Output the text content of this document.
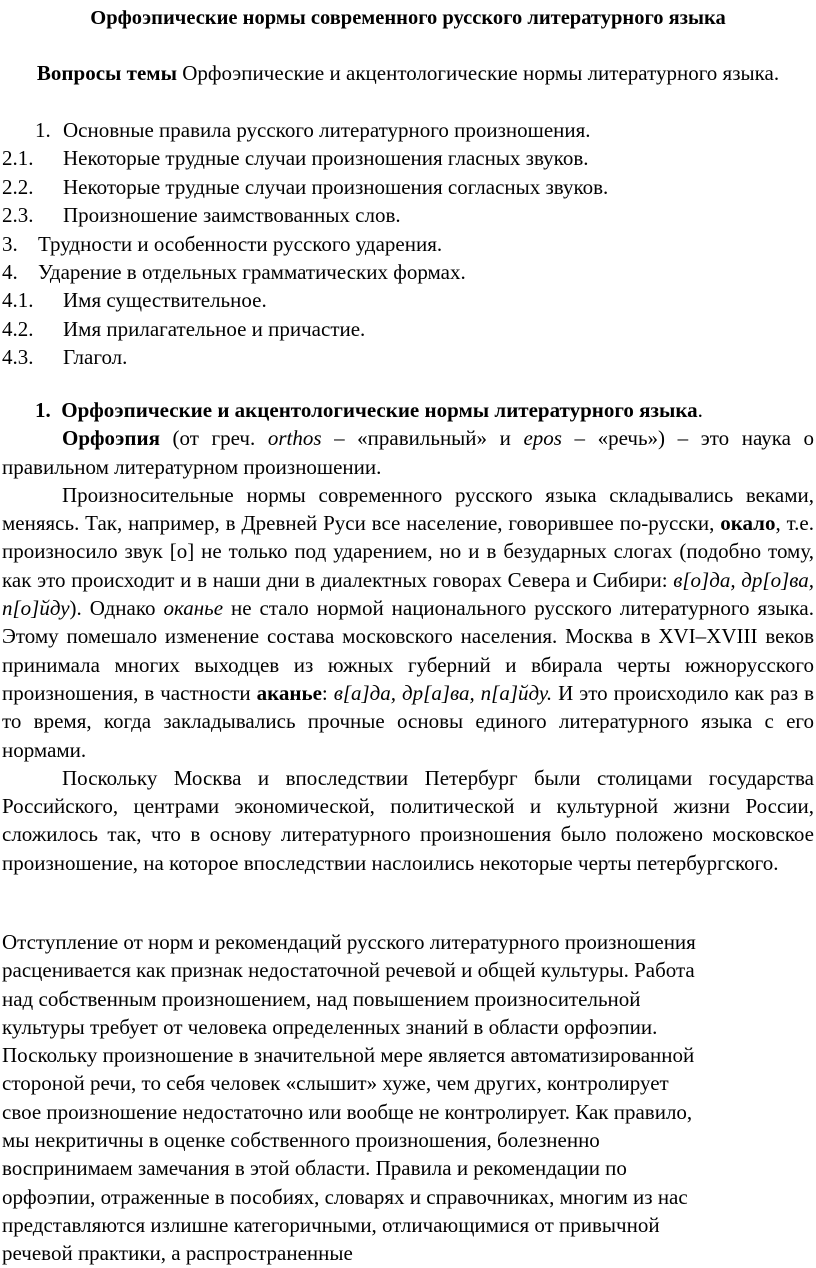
Орфоэпические нормы современного русского литературного языка
Вопросы темы Орфоэпические и акцентологические нормы литературного языка.
1. Основные правила русского литературного произношения.
2.1. Некоторые трудные случаи произношения гласных звуков.
2.2. Некоторые трудные случаи произношения согласных звуков.
2.3. Произношение заимствованных слов.
3. Трудности и особенности русского ударения.
4. Ударение в отдельных грамматических формах.
4.1. Имя существительное.
4.2. Имя прилагательное и причастие.
4.3. Глагол.

1. Орфоэпические и акцентологические нормы литературного языка.

Орфоэпия (от греч. orthos – «правильный» и epos – «речь») – это наука о правильном литературном произношении.

Произносительные нормы современного русского языка складывались веками, меняясь. Так, например, в Древней Руси все население, говорившее по-русски, окало, т.е. произносило звук [о] не только под ударением, но и в безударных слогах (подобно тому, как это происходит и в наши дни в диалектных говорах Севера и Сибири: в[о]да, др[о]ва, п[о]йду). Однако оканье не стало нормой национального русского литературного языка. Этому помешало изменение состава московского населения. Москва в XVI–XVIII веков принимала многих выходцев из южных губерний и вбирала черты южнорусского произношения, в частности аканье: в[а]да, др[а]ва, п[а]йду. И это происходило как раз в то время, когда закладывались прочные основы единого литературного языка с его нормами.

Поскольку Москва и впоследствии Петербург были столицами государства Российского, центрами экономической, политической и культурной жизни России, сложилось так, что в основу литературного произношения было положено московское произношение, на которое впоследствии наслоились некоторые черты петербургского.

Отступление от норм и рекомендаций русского литературного произношения
расценивается как признак недостаточной речевой и общей культуры. Работа
над собственным произношением, над повышением произносительной
культуры требует от человека определенных знаний в области орфоэпии.
Поскольку произношение в значительной мере является автоматизированной
стороной речи, то себя человек «слышит» хуже, чем других, контролирует
свое произношение недостаточно или вообще не контролирует. Как правило,
мы некритичны в оценке собственного произношения, болезненно
воспринимаем замечания в этой области. Правила и рекомендации по
орфоэпии, отраженные в пособиях, словарях и справочниках, многим из нас
представляются излишне категоричными, отличающимися от привычной
речевой практики, а распространенные
